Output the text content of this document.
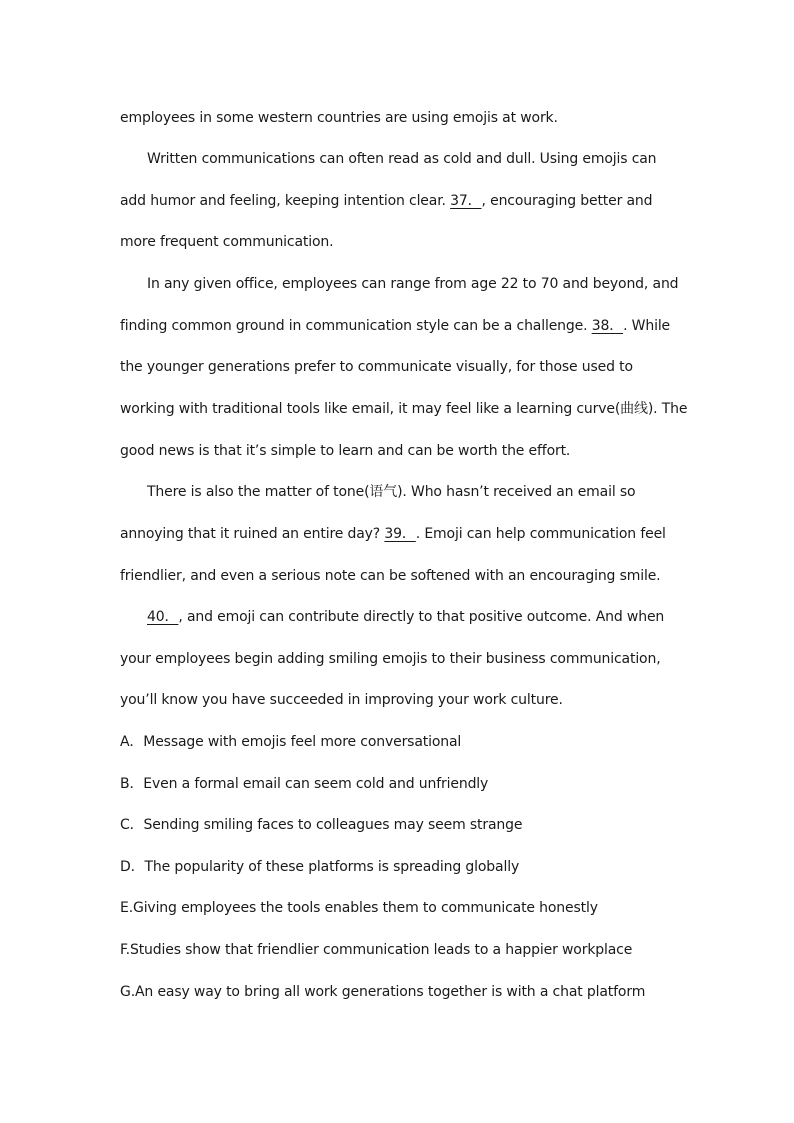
employees in some western countries are using emojis at work.
Written communications can often read as cold and dull. Using emojis can
add humor and feeling, keeping intention clear. 37．, encouraging better and
more frequent communication.
In any given office, employees can range from age 22 to 70 and beyond, and
finding common ground in communication style can be a challenge. 38．. While
the younger generations prefer to communicate visually, for those used to
working with traditional tools like email, it may feel like a learning curve(曲线). The
good news is that it’s simple to learn and can be worth the effort.
There is also the matter of tone(语气). Who hasn’t received an email so
annoying that it ruined an entire day? 39．. Emoji can help communication feel
friendlier, and even a serious note can be softened with an encouraging smile.
40．, and emoji can contribute directly to that positive outcome. And when
your employees begin adding smiling emojis to their business communication,
you’ll know you have succeeded in improving your work culture.
A．Message with emojis feel more conversational
B．Even a formal email can seem cold and unfriendly
C．Sending smiling faces to colleagues may seem strange
D．The popularity of these platforms is spreading globally
E.Giving employees the tools enables them to communicate honestly
F.Studies show that friendlier communication leads to a happier workplace
G.An easy way to bring all work generations together is with a chat platform
